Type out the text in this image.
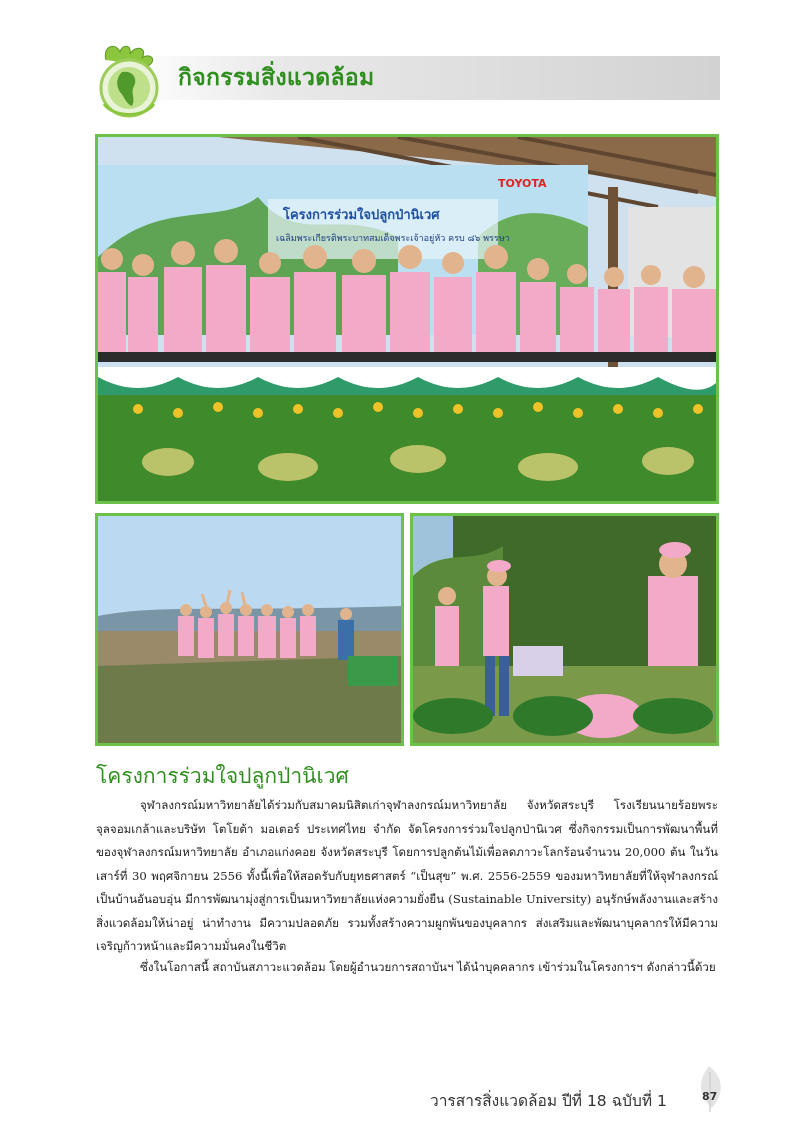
กิจกรรมสิ่งแวดล้อม
TOYOTA
โครงการร่วมใจปลูกป่านิเวศ
เฉลิมพระเกียรติพระบาทสมเด็จพระเจ้าอยู่หัว ครบ ๘๖ พรรษา
โครงการร่วมใจปลูกป่านิเวศ

จุฬาลงกรณ์มหาวิทยาลัยได้ร่วมกับสมาคมนิสิตเก่าจุฬาลงกรณ์มหาวิทยาลัย จังหวัดสระบุรี โรงเรียนนายร้อยพระจุลจอมเกล้าและบริษัท โตโยต้า มอเตอร์ ประเทศไทย จำกัด จัดโครงการร่วมใจปลูกป่านิเวศ ซึ่งกิจกรรมเป็นการพัฒนาพื้นที่ของจุฬาลงกรณ์มหาวิทยาลัย อำเภอแก่งคอย จังหวัดสระบุรี โดยการปลูกต้นไม้เพื่อลดภาวะโลกร้อนจำนวน 20,000 ต้น ในวันเสาร์ที่ 30 พฤศจิกายน 2556 ทั้งนี้เพื่อให้สอดรับกับยุทธศาสตร์ “เป็นสุข” พ.ศ. 2556-2559 ของมหาวิทยาลัยที่ให้จุฬาลงกรณ์เป็นบ้านอันอบอุ่น มีการพัฒนามุ่งสู่การเป็นมหาวิทยาลัยแห่งความยั่งยืน (Sustainable University) อนุรักษ์พลังงานและสร้างสิ่งแวดล้อมให้น่าอยู่ น่าทำงาน มีความปลอดภัย รวมทั้งสร้างความผูกพันของบุคลากร ส่งเสริมและพัฒนาบุคลากรให้มีความเจริญก้าวหน้าและมีความมั่นคงในชีวิต

ซึ่งในโอกาสนี้ สถาบันสภาวะแวดล้อม โดยผู้อำนวยการสถาบันฯ ได้นำบุคคลากร เข้าร่วมในโครงการฯ ดังกล่าวนี้ด้วย

วารสารสิ่งแวดล้อม ปีที่ 18 ฉบับที่ 1	87
